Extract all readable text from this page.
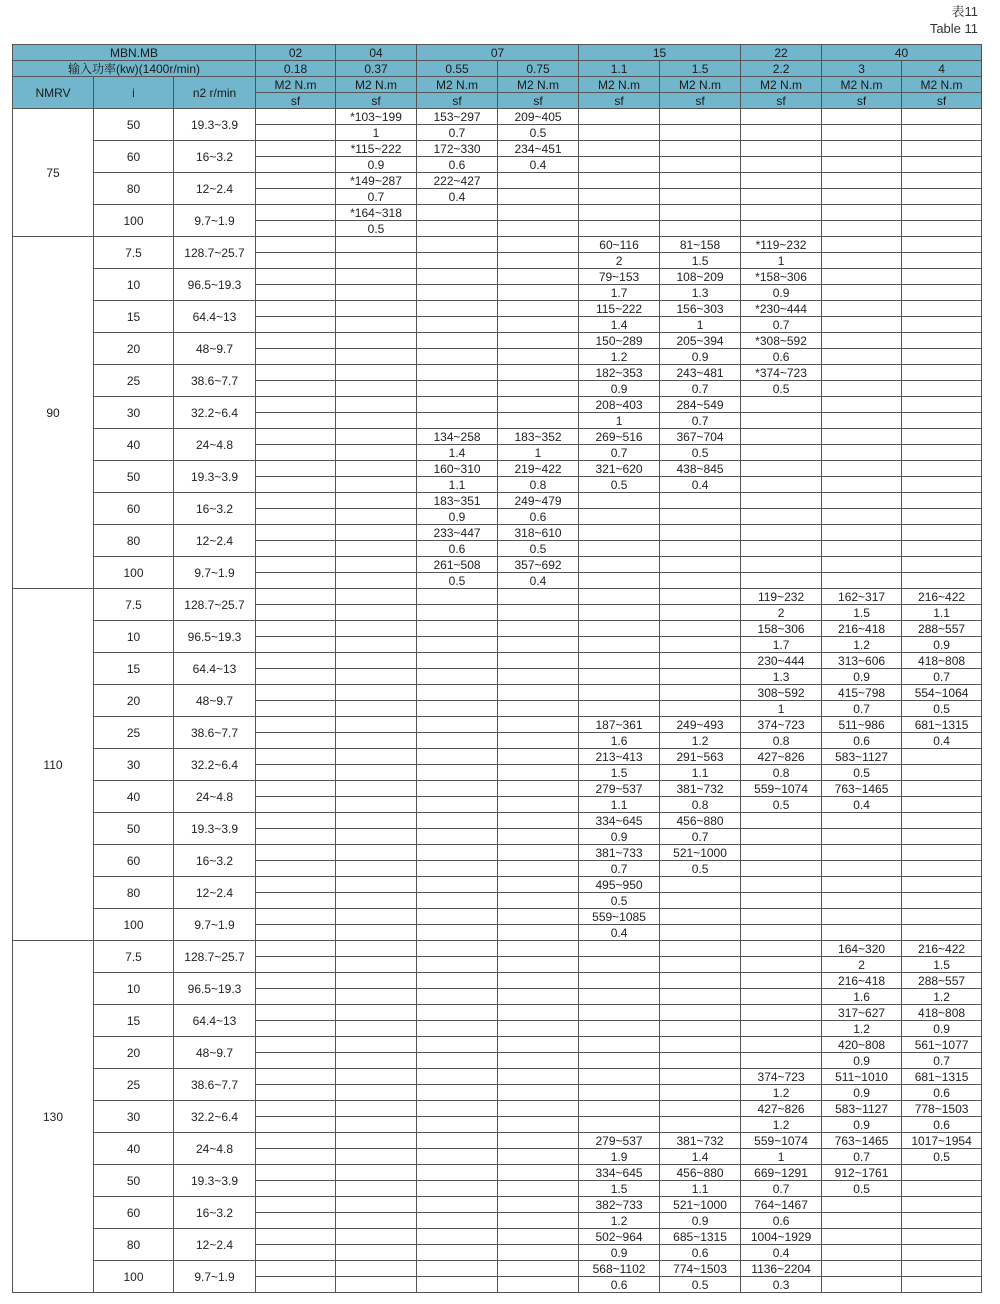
表11
Table 11
MBN.MB			02	04	07		15		22	40	
输入功率(kw)(1400r/min)			0.18	0.37	0.55	0.75	1.1	1.5	2.2	3	4
NMRV	i	n2 r/min	M2 N.m	M2 N.m	M2 N.m	M2 N.m	M2 N.m	M2 N.m	M2 N.m	M2 N.m	M2 N.m
			sf	sf	sf	sf	sf	sf	sf	sf	sf
75	50	19.3~3.9		*103~199	153~297	209~405					
				1	0.7	0.5					
	60	16~3.2		*115~222	172~330	234~451					
				0.9	0.6	0.4					
	80	12~2.4		*149~287	222~427						
				0.7	0.4						
	100	9.7~1.9		*164~318							
				0.5							
90	7.5	128.7~25.7					60~116	81~158	*119~232		
							2	1.5	1		
	10	96.5~19.3					79~153	108~209	*158~306		
							1.7	1.3	0.9		
	15	64.4~13					115~222	156~303	*230~444		
							1.4	1	0.7		
	20	48~9.7					150~289	205~394	*308~592		
							1.2	0.9	0.6		
	25	38.6~7.7					182~353	243~481	*374~723		
							0.9	0.7	0.5		
	30	32.2~6.4					208~403	284~549			
							1	0.7			
	40	24~4.8			134~258	183~352	269~516	367~704			
					1.4	1	0.7	0.5			
	50	19.3~3.9			160~310	219~422	321~620	438~845			
					1.1	0.8	0.5	0.4			
	60	16~3.2			183~351	249~479					
					0.9	0.6					
	80	12~2.4			233~447	318~610					
					0.6	0.5					
	100	9.7~1.9			261~508	357~692					
					0.5	0.4					
110	7.5	128.7~25.7							119~232	162~317	216~422
									2	1.5	1.1
	10	96.5~19.3							158~306	216~418	288~557
									1.7	1.2	0.9
	15	64.4~13							230~444	313~606	418~808
									1.3	0.9	0.7
	20	48~9.7							308~592	415~798	554~1064
									1	0.7	0.5
	25	38.6~7.7					187~361	249~493	374~723	511~986	681~1315
							1.6	1.2	0.8	0.6	0.4
	30	32.2~6.4					213~413	291~563	427~826	583~1127	
							1.5	1.1	0.8	0.5	
	40	24~4.8					279~537	381~732	559~1074	763~1465	
							1.1	0.8	0.5	0.4	
	50	19.3~3.9					334~645	456~880			
							0.9	0.7			
	60	16~3.2					381~733	521~1000			
							0.7	0.5			
	80	12~2.4					495~950				
							0.5				
	100	9.7~1.9					559~1085				
							0.4				
130	7.5	128.7~25.7								164~320	216~422
										2	1.5
	10	96.5~19.3								216~418	288~557
										1.6	1.2
	15	64.4~13								317~627	418~808
										1.2	0.9
	20	48~9.7								420~808	561~1077
										0.9	0.7
	25	38.6~7.7							374~723	511~1010	681~1315
									1.2	0.9	0.6
	30	32.2~6.4							427~826	583~1127	778~1503
									1.2	0.9	0.6
	40	24~4.8					279~537	381~732	559~1074	763~1465	1017~1954
							1.9	1.4	1	0.7	0.5
	50	19.3~3.9					334~645	456~880	669~1291	912~1761	
							1.5	1.1	0.7	0.5	
	60	16~3.2					382~733	521~1000	764~1467		
							1.2	0.9	0.6		
	80	12~2.4					502~964	685~1315	1004~1929		
							0.9	0.6	0.4		
	100	9.7~1.9					568~1102	774~1503	1136~2204		
							0.6	0.5	0.3		
